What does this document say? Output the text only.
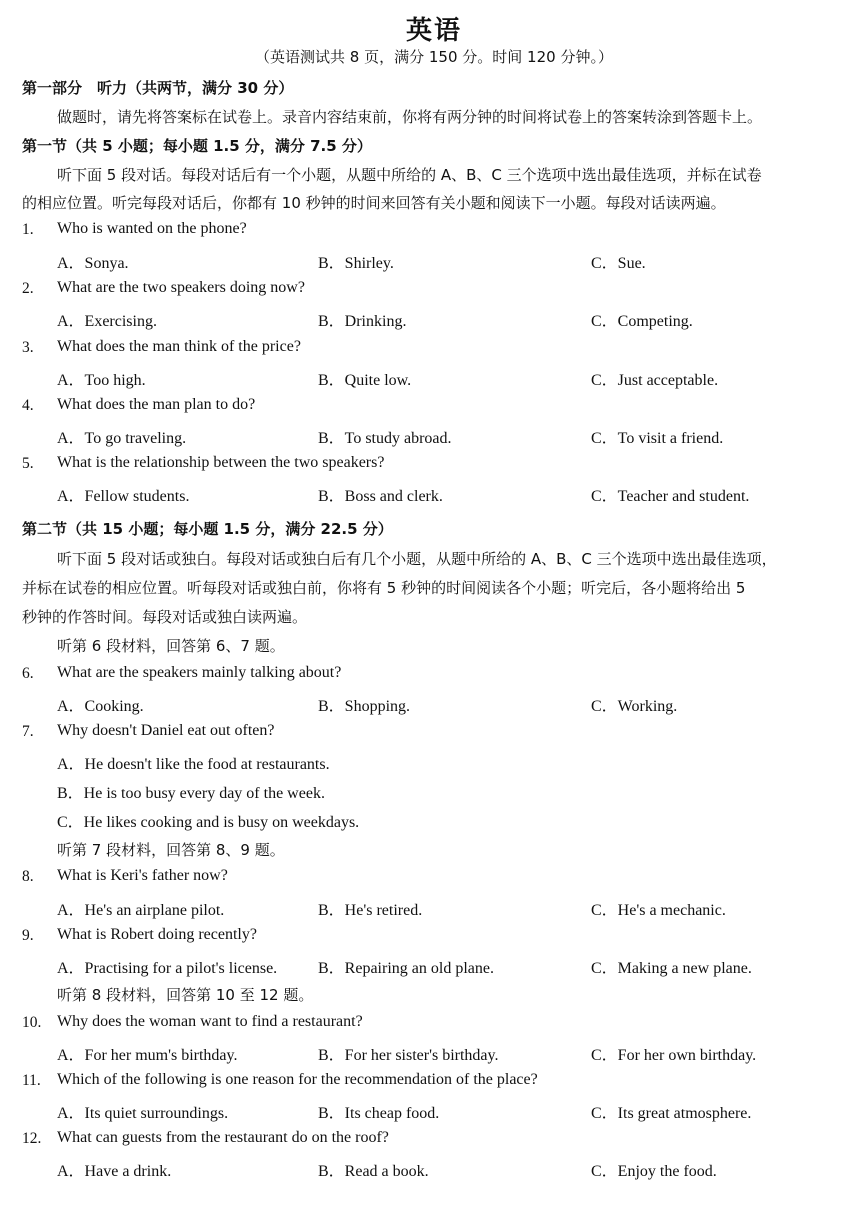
英语
（英语测试共 8 页，满分 150 分。时间 120 分钟。）
第一部分　听力（共两节，满分 30 分）
做题时，请先将答案标在试卷上。录音内容结束前，你将有两分钟的时间将试卷上的答案转涂到答题卡上。
第一节（共 5 小题；每小题 1.5 分，满分 7.5 分）
听下面 5 段对话。每段对话后有一个小题，从题中所给的 A、B、C 三个选项中选出最佳选项，并标在试卷
的相应位置。听完每段对话后，你都有 10 秒钟的时间来回答有关小题和阅读下一小题。每段对话读两遍。
1. Who is wanted on the phone?
A．Sonya.	B．Shirley.	C．Sue.
2. What are the two speakers doing now?
A．Exercising.	B．Drinking.	C．Competing.
3. What does the man think of the price?
A．Too high.	B．Quite low.	C．Just acceptable.
4. What does the man plan to do?
A．To go traveling.	B．To study abroad.	C．To visit a friend.
5. What is the relationship between the two speakers?
A．Fellow students.	B．Boss and clerk.	C．Teacher and student.
第二节（共 15 小题；每小题 1.5 分，满分 22.5 分）
听下面 5 段对话或独白。每段对话或独白后有几个小题，从题中所给的 A、B、C 三个选项中选出最佳选项，
并标在试卷的相应位置。听每段对话或独白前，你将有 5 秒钟的时间阅读各个小题；听完后，各小题将给出 5
秒钟的作答时间。每段对话或独白读两遍。
听第 6 段材料，回答第 6、7 题。
6. What are the speakers mainly talking about?
A．Cooking.	B．Shopping.	C．Working.
7. Why doesn't Daniel eat out often?
A．He doesn't like the food at restaurants.
B．He is too busy every day of the week.
C．He likes cooking and is busy on weekdays.
听第 7 段材料，回答第 8、9 题。
8. What is Keri's father now?
A．He's an airplane pilot.	B．He's retired.	C．He's a mechanic.
9. What is Robert doing recently?
A．Practising for a pilot's license.	B．Repairing an old plane.	C．Making a new plane.
听第 8 段材料，回答第 10 至 12 题。
10. Why does the woman want to find a restaurant?
A．For her mum's birthday.	B．For her sister's birthday.	C．For her own birthday.
11. Which of the following is one reason for the recommendation of the place?
A．Its quiet surroundings.	B．Its cheap food.	C．Its great atmosphere.
12. What can guests from the restaurant do on the roof?
A．Have a drink.	B．Read a book.	C．Enjoy the food.
